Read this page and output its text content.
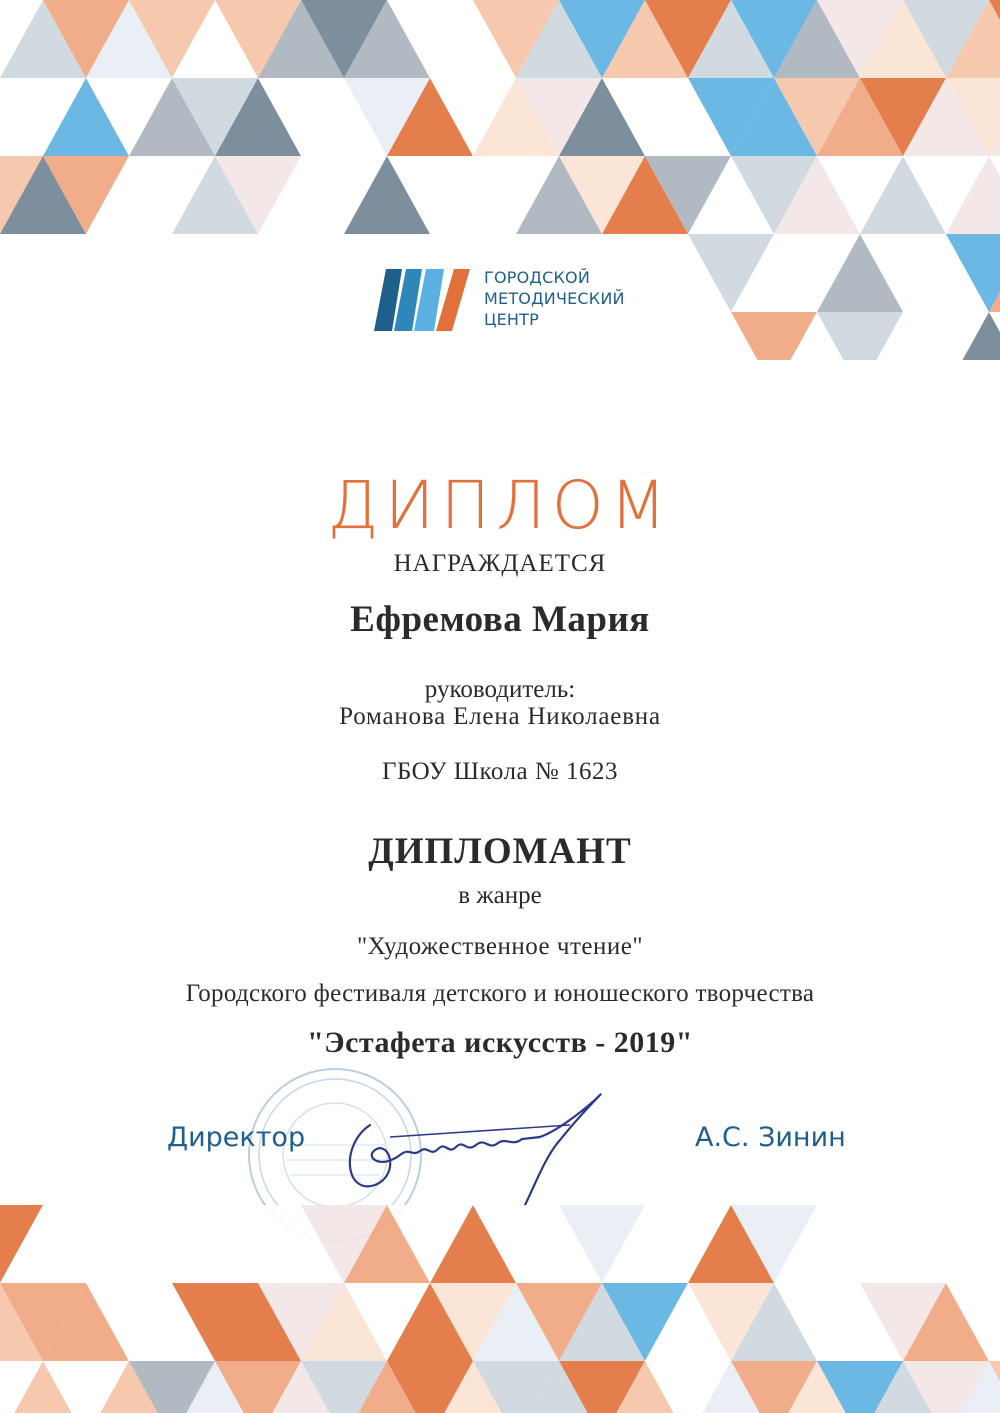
ГОРОДСКОЙ
МЕТОДИЧЕСКИЙ
ЦЕНТР
ДИПЛОМ
НАГРАЖДАЕТСЯ
Ефремова Мария
руководитель:
Романова Елена Николаевна
ГБОУ Школа № 1623
ДИПЛОМАНТ
в жанре
"Художественное чтение"
Городского фестиваля детского и юношеского творчества
"Эстафета искусств - 2019"
Директор	А.С. Зинин
